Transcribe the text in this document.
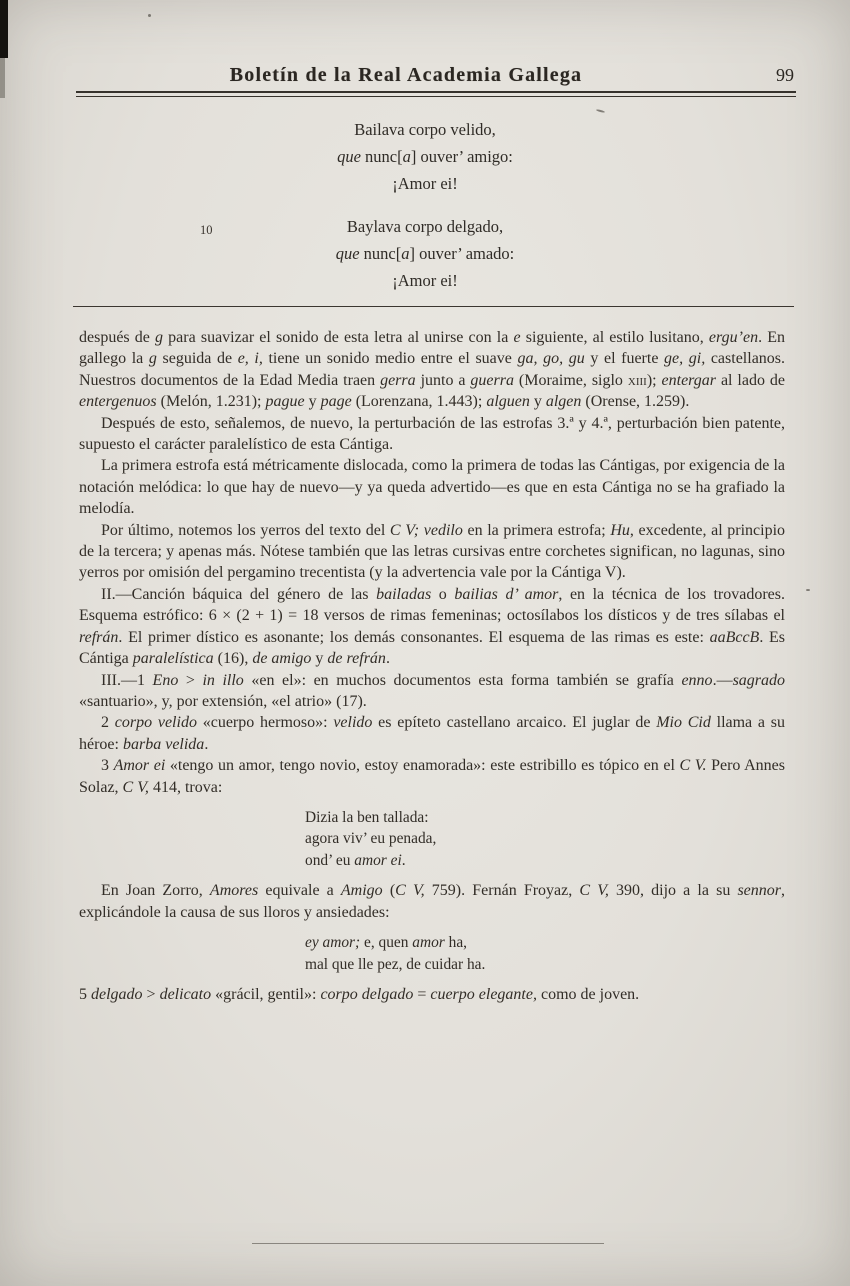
Boletín de la Real Academia Gallega	99
Bailava corpo velido,
que nunc[a] ouver’ amigo:
¡Amor ei!
10	Baylava corpo delgado,
que nunc[a] ouver’ amado:
¡Amor ei!

después de g para suavizar el sonido de esta letra al unirse con la e siguiente, al estilo lusitano, ergu’en. En gallego la g seguida de e, i, tiene un sonido medio entre el suave ga, go, gu y el fuerte ge, gi, castellanos. Nuestros documentos de la Edad Media traen gerra junto a guerra (Moraime, siglo xiii); entergar al lado de entergenuos (Melón, 1.231); pague y page (Lorenzana, 1.443); alguen y algen (Orense, 1.259).

Después de esto, señalemos, de nuevo, la perturbación de las estrofas 3.ª y 4.ª, perturbación bien patente, supuesto el carácter paralelístico de esta Cántiga.

La primera estrofa está métricamente dislocada, como la primera de todas las Cántigas, por exigencia de la notación melódica: lo que hay de nuevo—y ya queda advertido—es que en esta Cántiga no se ha grafiado la melodía.

Por último, notemos los yerros del texto del C V; vedilo en la primera estrofa; Hu, excedente, al principio de la tercera; y apenas más. Nótese también que las letras cursivas entre corchetes significan, no lagunas, sino yerros por omisión del pergamino trecentista (y la advertencia vale por la Cántiga V).

II.—Canción báquica del género de las bailadas o bailias d’ amor, en la técnica de los trovadores. Esquema estrófico: 6 × (2 + 1) = 18 versos de rimas femeninas; octosílabos los dísticos y de tres sílabas el refrán. El primer dístico es asonante; los demás consonantes. El esquema de las rimas es este: aaBccB. Es Cántiga paralelística (16), de amigo y de refrán.

III.—1 Eno > in illo «en el»: en muchos documentos esta forma también se grafía enno.—sagrado «santuario», y, por extensión, «el atrio» (17).

2 corpo velido «cuerpo hermoso»: velido es epíteto castellano arcaico. El juglar de Mio Cid llama a su héroe: barba velida.

3 Amor ei «tengo un amor, tengo novio, estoy enamorada»: este estribillo es tópico en el C V. Pero Annes Solaz, C V, 414, trova:

Dizia la ben tallada:
agora viv’ eu penada,
ond’ eu amor ei.

En Joan Zorro, Amores equivale a Amigo (C V, 759). Fernán Froyaz, C V, 390, dijo a la su sennor, explicándole la causa de sus lloros y ansiedades:

ey amor; e, quen amor ha,
mal que lle pez, de cuidar ha.

5 delgado > delicato «grácil, gentil»: corpo delgado = cuerpo elegante, como de joven.
